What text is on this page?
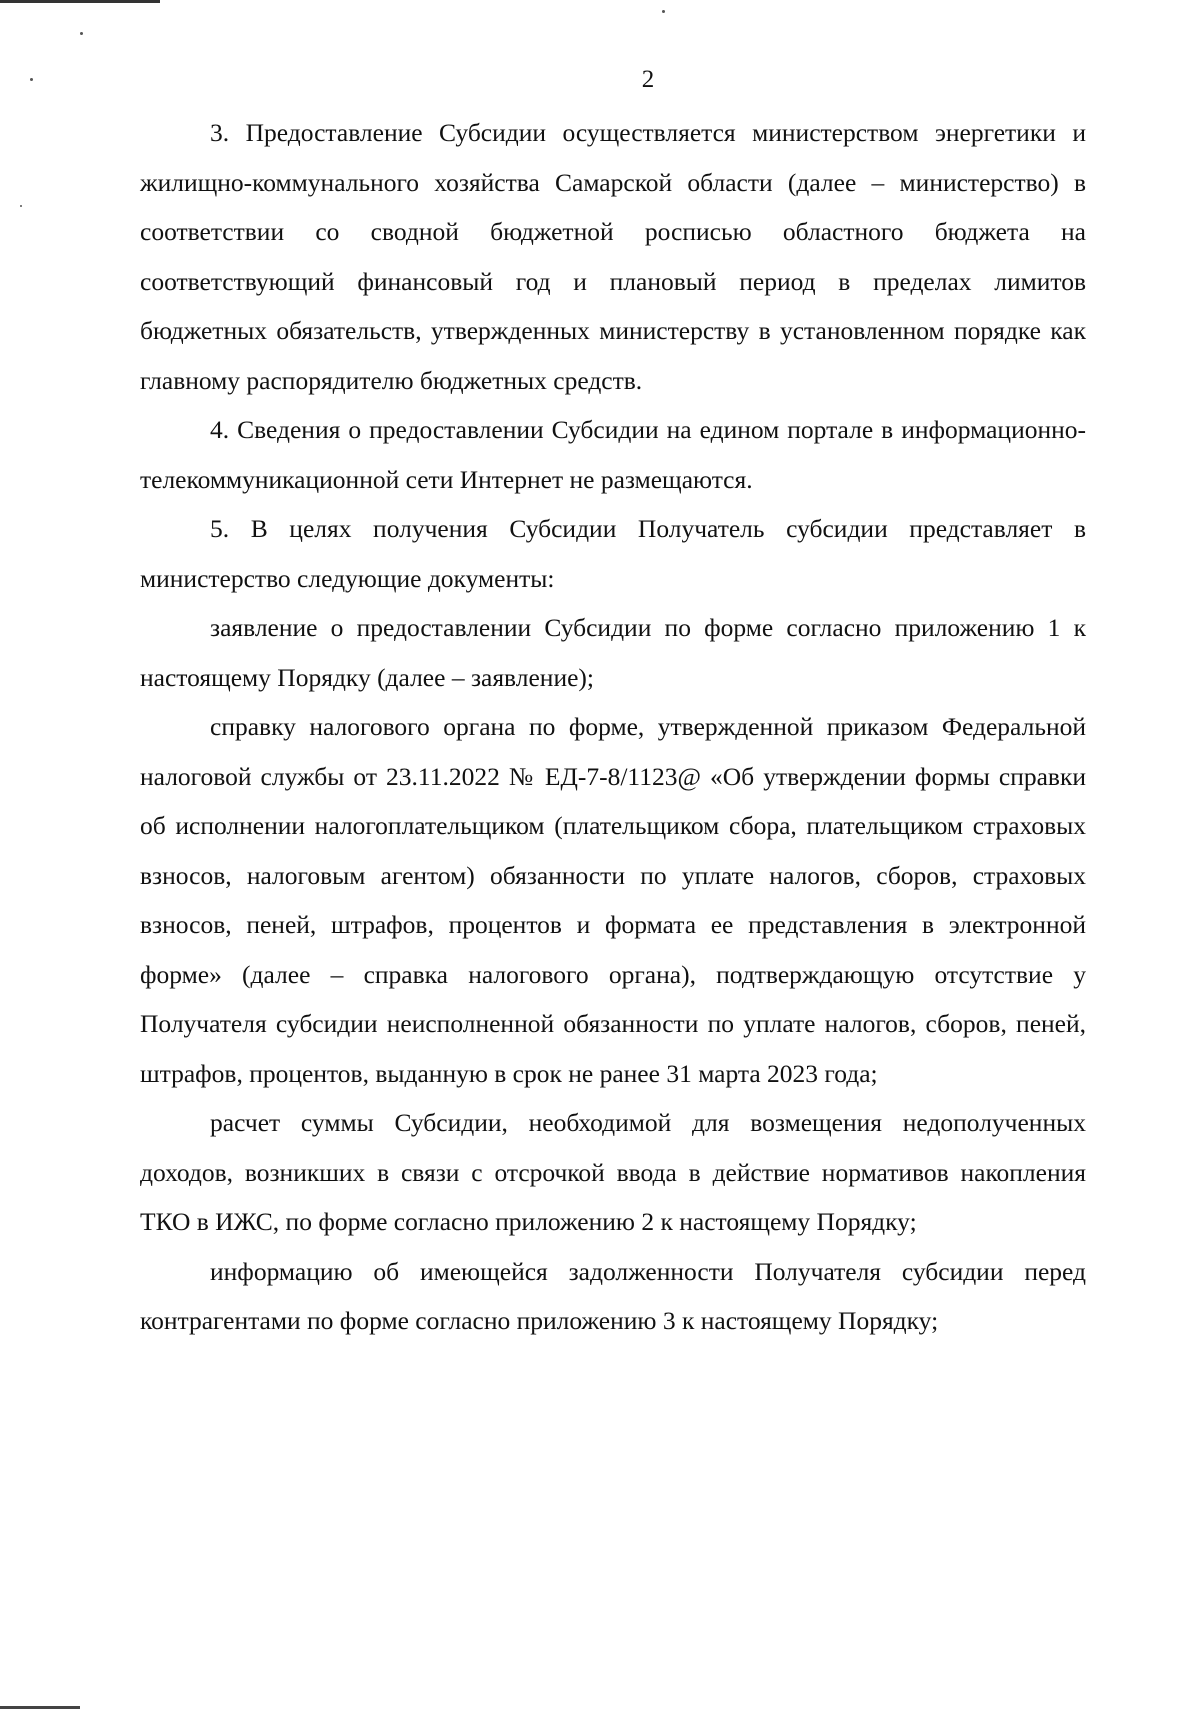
2

3. Предоставление Субсидии осуществляется министерством энергетики и жилищно-коммунального хозяйства Самарской области (далее – министерство) в соответствии со сводной бюджетной росписью областного бюджета на соответствующий финансовый год и плановый период в пределах лимитов бюджетных обязательств, утвержденных министерству в установленном порядке как главному распорядителю бюджетных средств.

4. Сведения о предоставлении Субсидии на едином портале в информационно-телекоммуникационной сети Интернет не размещаются.

5. В целях получения Субсидии Получатель субсидии представляет в министерство следующие документы:

заявление о предоставлении Субсидии по форме согласно приложению 1 к настоящему Порядку (далее – заявление);

справку налогового органа по форме, утвержденной приказом Федеральной налоговой службы от 23.11.2022 № ЕД-7-8/1123@ «Об утверждении формы справки об исполнении налогоплательщиком (плательщиком сбора, плательщиком страховых взносов, налоговым агентом) обязанности по уплате налогов, сборов, страховых взносов, пеней, штрафов, процентов и формата ее представления в электронной форме» (далее – справка налогового органа), подтверждающую отсутствие у Получателя субсидии неисполненной обязанности по уплате налогов, сборов, пеней, штрафов, процентов, выданную в срок не ранее 31 марта 2023 года;

расчет суммы Субсидии, необходимой для возмещения недополученных доходов, возникших в связи с отсрочкой ввода в действие нормативов накопления ТКО в ИЖС, по форме согласно приложению 2 к настоящему Порядку;

информацию об имеющейся задолженности Получателя субсидии перед контрагентами по форме согласно приложению 3 к настоящему Порядку;
